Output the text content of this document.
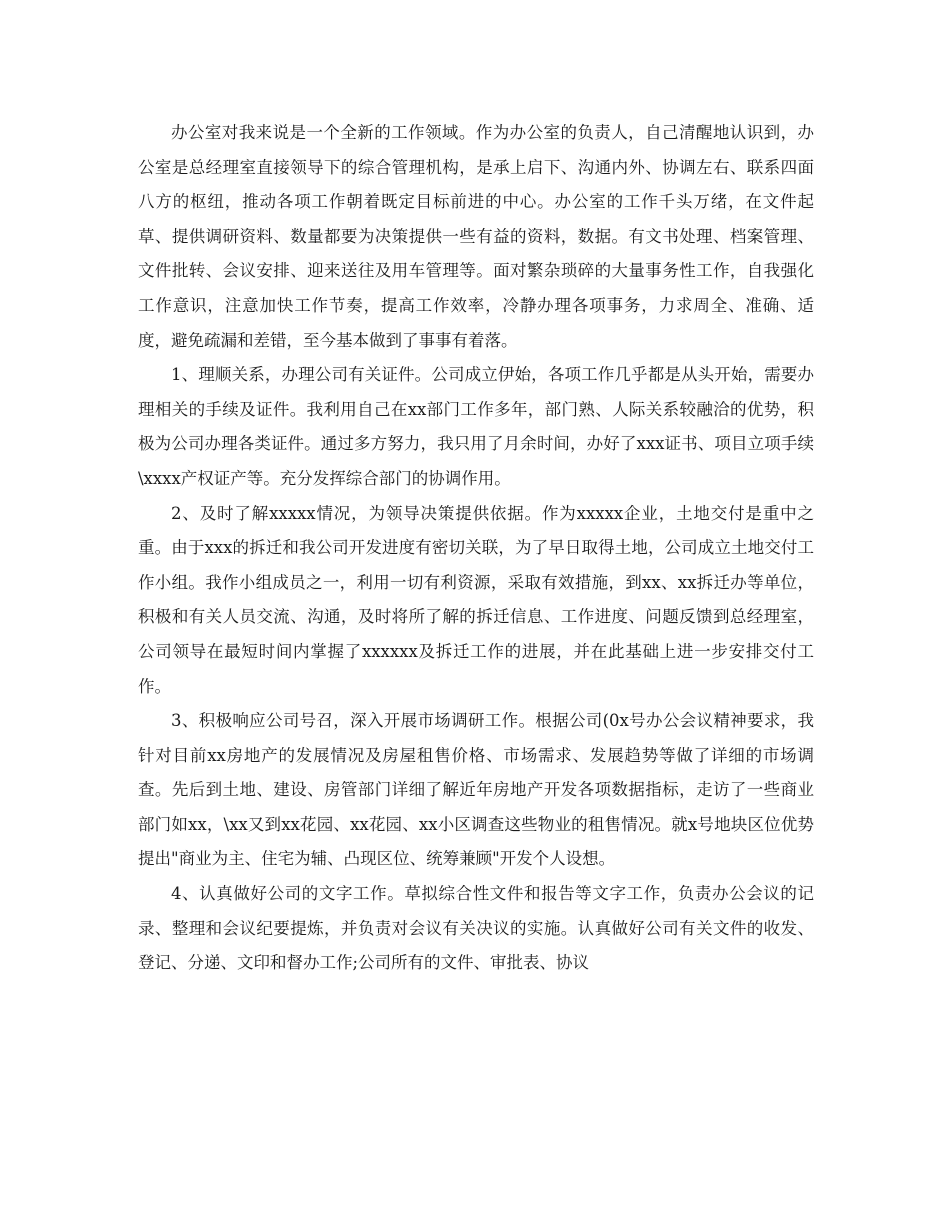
办公室对我来说是一个全新的工作领域。作为办公室的负责人，自己清醒地认识到，办公室是总经理室直接领导下的综合管理机构，是承上启下、沟通内外、协调左右、联系四面八方的枢纽，推动各项工作朝着既定目标前进的中心。办公室的工作千头万绪，在文件起草、提供调研资料、数量都要为决策提供一些有益的资料，数据。有文书处理、档案管理、文件批转、会议安排、迎来送往及用车管理等。面对繁杂琐碎的大量事务性工作，自我强化工作意识，注意加快工作节奏，提高工作效率，冷静办理各项事务，力求周全、准确、适度，避免疏漏和差错，至今基本做到了事事有着落。

1、理顺关系，办理公司有关证件。公司成立伊始，各项工作几乎都是从头开始，需要办理相关的手续及证件。我利用自己在xx部门工作多年，部门熟、人际关系较融洽的优势，积极为公司办理各类证件。通过多方努力，我只用了月余时间，办好了xxx证书、项目立项手续\xxxx产权证产等。充分发挥综合部门的协调作用。

2、及时了解xxxxx情况，为领导决策提供依据。作为xxxxx企业，土地交付是重中之重。由于xxx的拆迁和我公司开发进度有密切关联，为了早日取得土地，公司成立土地交付工作小组。我作小组成员之一，利用一切有利资源，采取有效措施，到xx、xx拆迁办等单位，积极和有关人员交流、沟通，及时将所了解的拆迁信息、工作进度、问题反馈到总经理室，公司领导在最短时间内掌握了xxxxxx及拆迁工作的进展，并在此基础上进一步安排交付工作。

3、积极响应公司号召，深入开展市场调研工作。根据公司(0x号办公会议精神要求，我针对目前xx房地产的发展情况及房屋租售价格、市场需求、发展趋势等做了详细的市场调查。先后到土地、建设、房管部门详细了解近年房地产开发各项数据指标，走访了一些商业部门如xx，\xx又到xx花园、xx花园、xx小区调查这些物业的租售情况。就x号地块区位优势提出"商业为主、住宅为辅、凸现区位、统筹兼顾"开发个人设想。

4、认真做好公司的文字工作。草拟综合性文件和报告等文字工作，负责办公会议的记录、整理和会议纪要提炼，并负责对会议有关决议的实施。认真做好公司有关文件的收发、登记、分递、文印和督办工作;公司所有的文件、审批表、协议
